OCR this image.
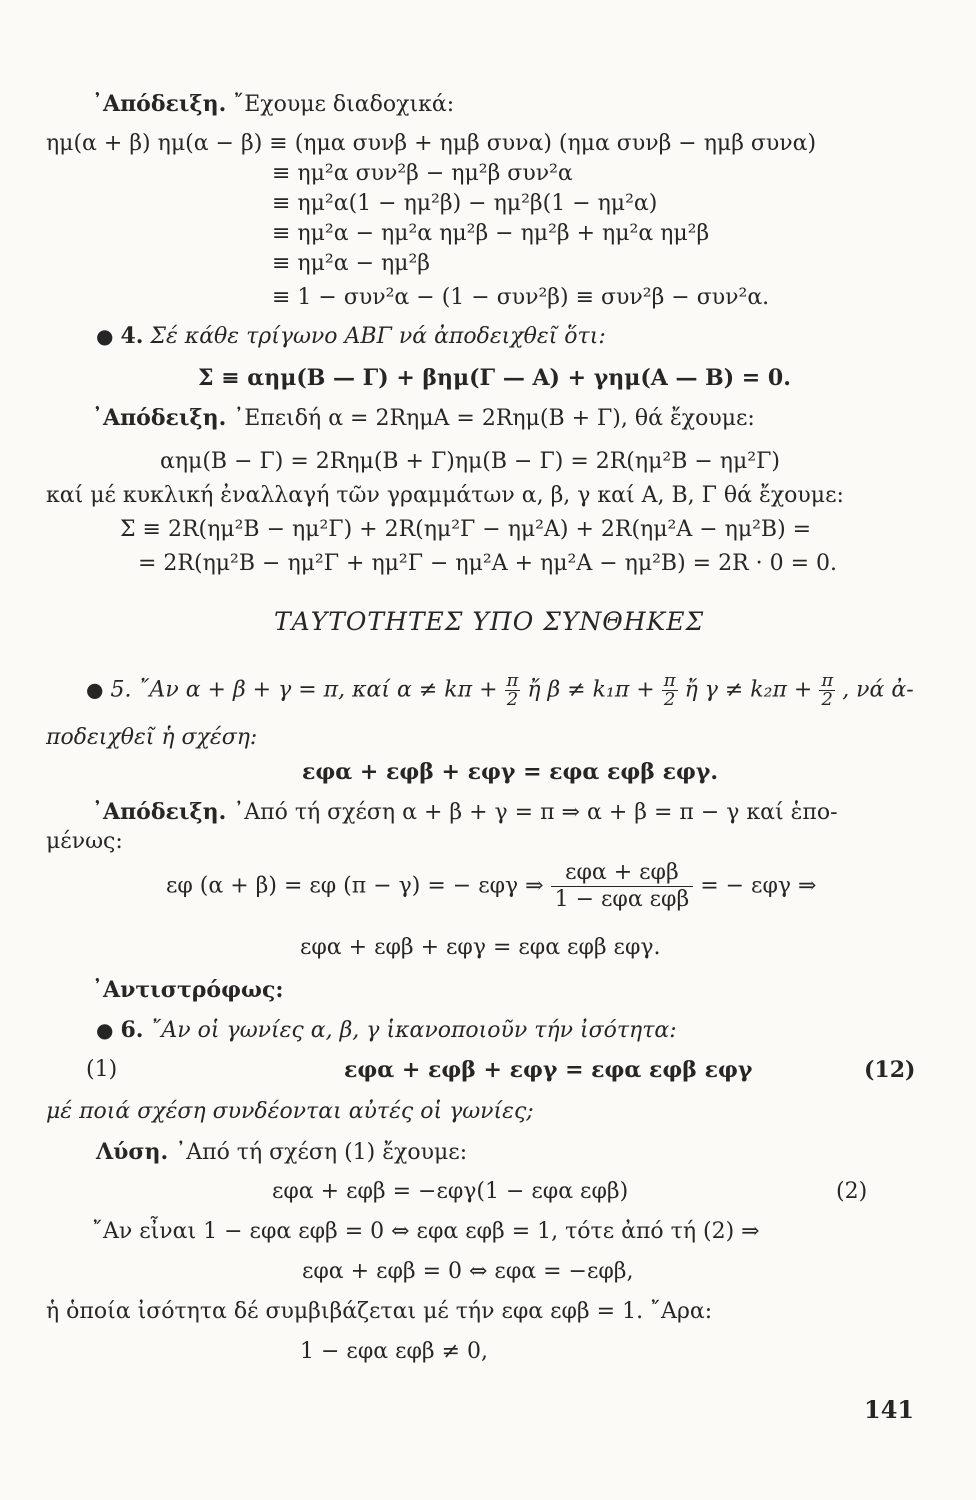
᾿Απόδειξη. ῎Εχουμε διαδοχικά:
ημ(α + β) ημ(α − β) ≡ (ημα συνβ + ημβ συνα) (ημα συνβ − ημβ συνα)
≡ ημ²α συν²β − ημ²β συν²α
≡ ημ²α(1 − ημ²β) − ημ²β(1 − ημ²α)
≡ ημ²α − ημ²α ημ²β − ημ²β + ημ²α ημ²β
≡ ημ²α − ημ²β
≡ 1 − συν²α − (1 − συν²β) ≡ συν²β − συν²α.
● 4. Σέ κάθε τρίγωνο ΑΒΓ νά ἀποδειχθεῖ ὅτι:
Σ ≡ αημ(Β — Γ) + βημ(Γ — Α) + γημ(Α — Β) = 0.
᾿Απόδειξη. ᾿Επειδή α = 2RημΑ = 2Rημ(Β + Γ), θά ἔχουμε:
αημ(Β − Γ) = 2Rημ(Β + Γ)ημ(Β − Γ) = 2R(ημ²Β − ημ²Γ)
καί μέ κυκλική ἐναλλαγή τῶν γραμμάτων α, β, γ καί Α, Β, Γ θά ἔχουμε:
Σ ≡ 2R(ημ²Β − ημ²Γ) + 2R(ημ²Γ − ημ²Α) + 2R(ημ²Α − ημ²Β) =
= 2R(ημ²Β − ημ²Γ + ημ²Γ − ημ²Α + ημ²Α − ημ²Β) = 2R · 0 = 0.
ΤΑΥΤΟΤΗΤΕΣ ΥΠΟ ΣΥΝΘΗΚΕΣ
● 5. ῎Αν α + β + γ = π, καί $\alpha \ne k\pi + \frac{\pi}{2}$ ἤ $\beta \ne k_1\pi + \frac{\pi}{2}$ ἤ $\gamma \ne k_2\pi + \frac{\pi}{2}$ , νά ἀ-
ποδειχθεῖ ἡ σχέση:
εφα + εφβ + εφγ = εφα εφβ εφγ.
᾿Απόδειξη. ᾿Από τή σχέση α + β + γ = π ⇒ α + β = π − γ καί ἑπο-
μένως:
εφ (α + β) = εφ (π − γ) = − εφγ ⇒ $\frac{\text{εφα + εφβ}}{\text{1 − εφα εφβ}}$ = − εφγ ⇒
εφα + εφβ + εφγ = εφα εφβ εφγ.
᾿Αντιστρόφως:
● 6. ῎Αν οἱ γωνίες α, β, γ ἱκανοποιοῦν τήν ἰσότητα:
(1)	εφα + εφβ + εφγ = εφα εφβ εφγ	(12)
μέ ποιά σχέση συνδέονται αὐτές οἱ γωνίες;
Λύση. ᾿Από τή σχέση (1) ἔχουμε:
εφα + εφβ = −εφγ(1 − εφα εφβ)	(2)
῎Αν εἶναι 1 − εφα εφβ = 0 ⇔ εφα εφβ = 1, τότε ἀπό τή (2) ⇒
εφα + εφβ = 0 ⇔ εφα = −εφβ,
ἡ ὁποία ἰσότητα δέ συμβιβάζεται μέ τήν εφα εφβ = 1. ῎Αρα:
1 − εφα εφβ ≠ 0,
141
